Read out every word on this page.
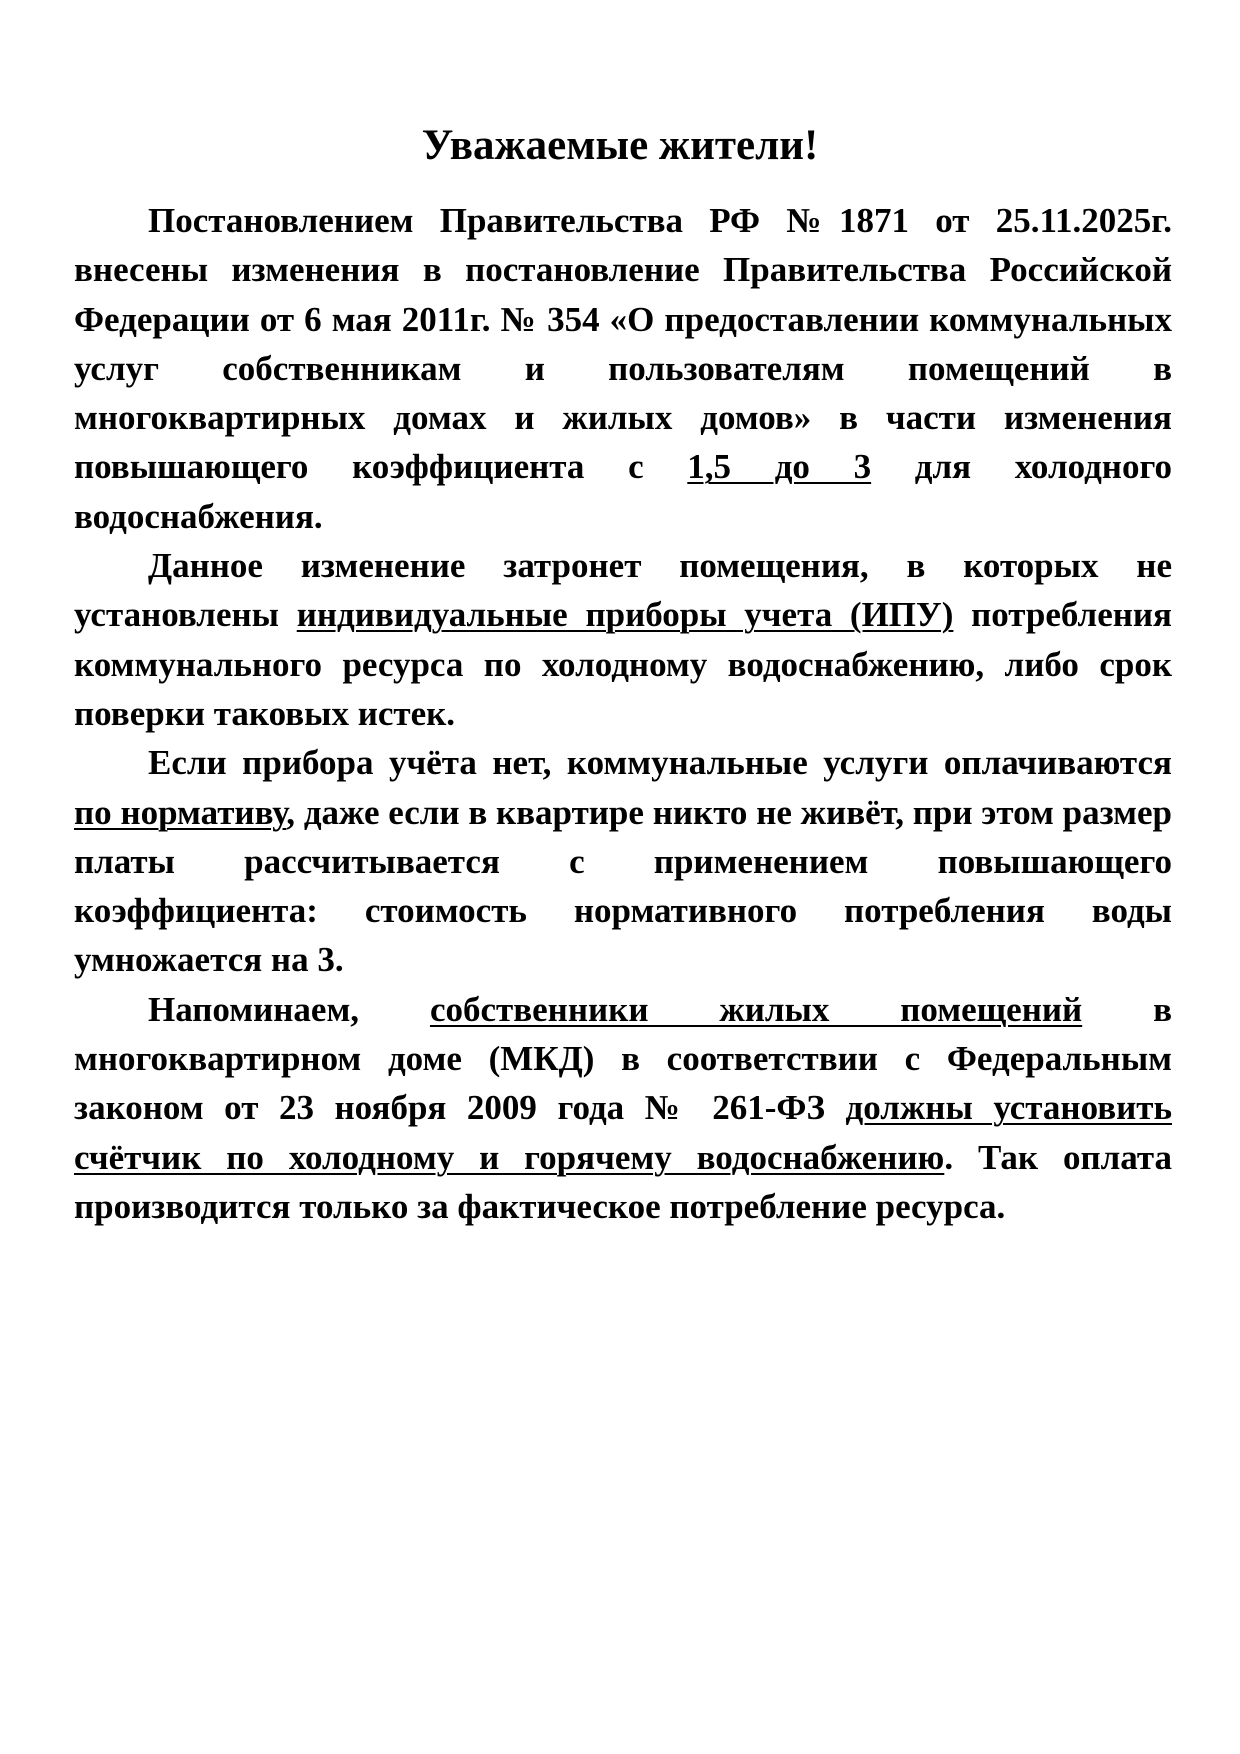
Уважаемые жители!

Постановлением Правительства РФ №1871 от 25.11.2025г. внесены изменения в постановление Правительства Российской Федерации от 6 мая 2011г. № 354 «О предоставлении коммунальных услуг собственникам и пользователям помещений в многоквартирных домах и жилых домов» в части изменения повышающего коэффициента с 1,5 до 3 для холодного водоснабжения.

Данное изменение затронет помещения, в которых не установлены индивидуальные приборы учета (ИПУ) потребления коммунального ресурса по холодному водоснабжению, либо срок поверки таковых истек.

Если прибора учёта нет, коммунальные услуги оплачиваются по нормативу, даже если в квартире никто не живёт, при этом размер платы рассчитывается с применением повышающего коэффициента: стоимость нормативного потребления воды умножается на 3.

Напоминаем, собственники жилых помещений в многоквартирном доме (МКД) в соответствии с Федеральным законом от 23 ноября 2009 года № 261-ФЗ должны установить счётчик по холодному и горячему водоснабжению. Так оплата производится только за фактическое потребление ресурса.
